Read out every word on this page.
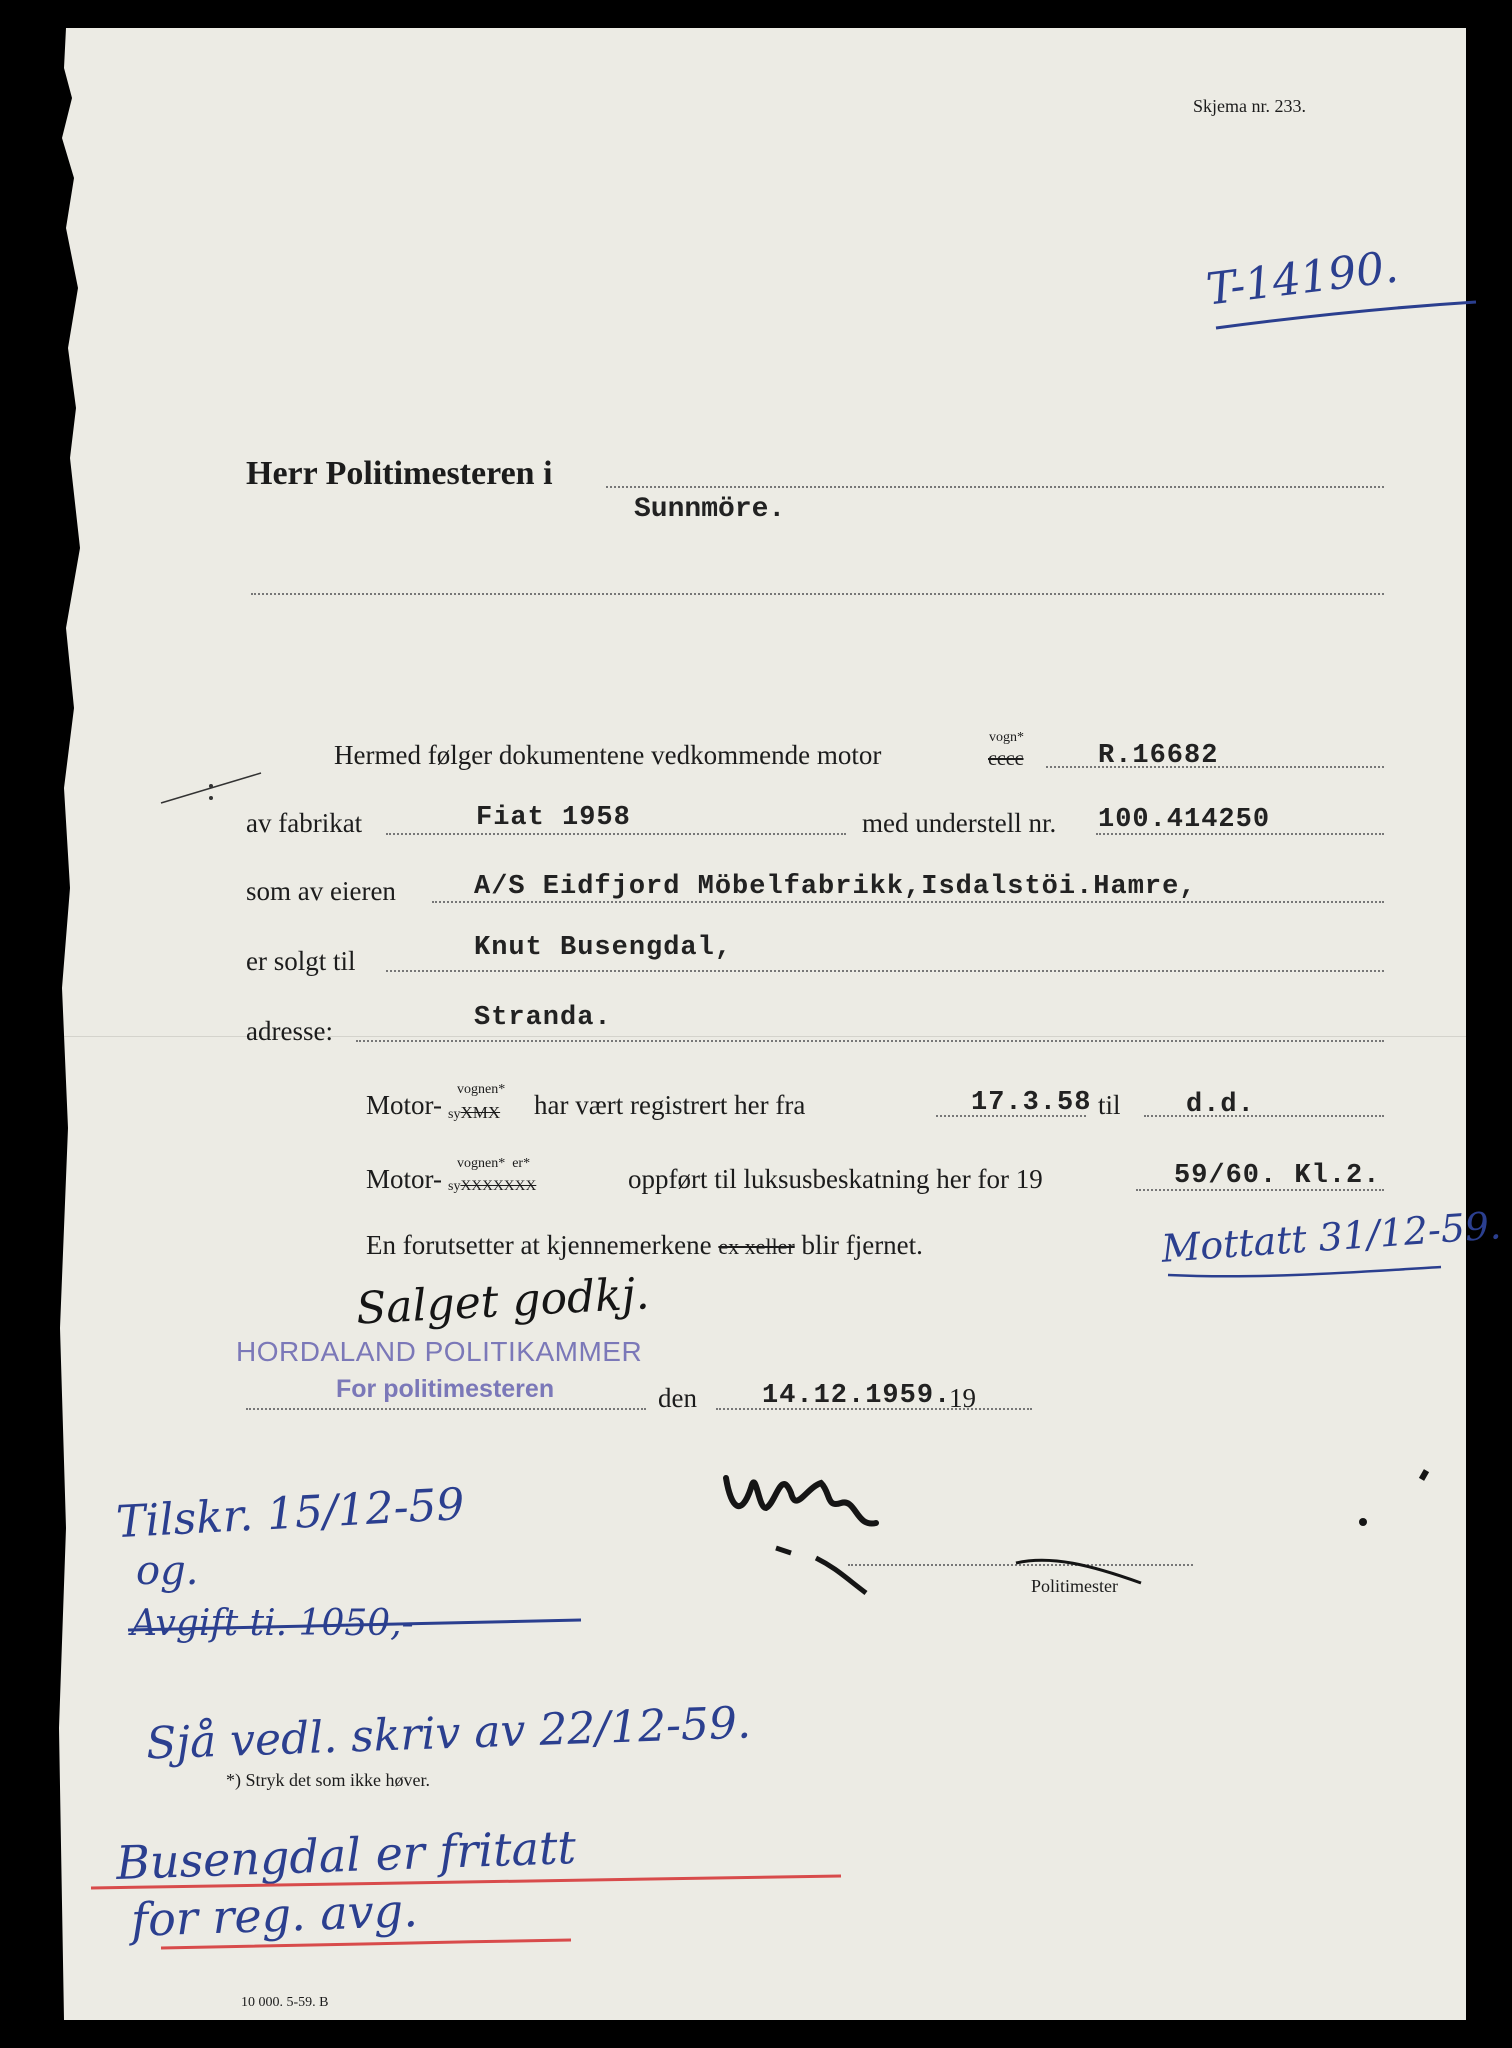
Skjema nr. 233.
T-14190.
Herr Politimesteren i
Sunnmöre.
Hermed følger dokumentene vedkommende motor
vogn*
cccc	R.16682
av fabrikat	Fiat 1958	med understell nr. 100.414250
som av eieren	A/S Eidfjord Möbelfabrikk,Isdalstöi.Hamre,
er solgt til	Knut Busengdal,
adresse:	Stranda.
Motor-
vognen*
syXMX har vært registrert her fra	17.3.58 til d.d.
Motor-
vognen* er*
syXXXXXXX	oppført til luksusbeskatning her for 19	59/60. Kl.2.
En forutsetter at kjennemerkene ex xeller blir fjernet.	Mottatt 31/12-59.
Salget godkj.
HORDALAND POLITIKAMMER
For politimesteren	den 14.12.1959.
19
Politimester
Tilskr. 15/12-59
og.
Avgift ti. 1050,-
Sjå vedl. skriv av 22/12-59.
*) Stryk det som ikke høver.
Busengdal er fritatt
for reg. avg.
10 000. 5-59. B
